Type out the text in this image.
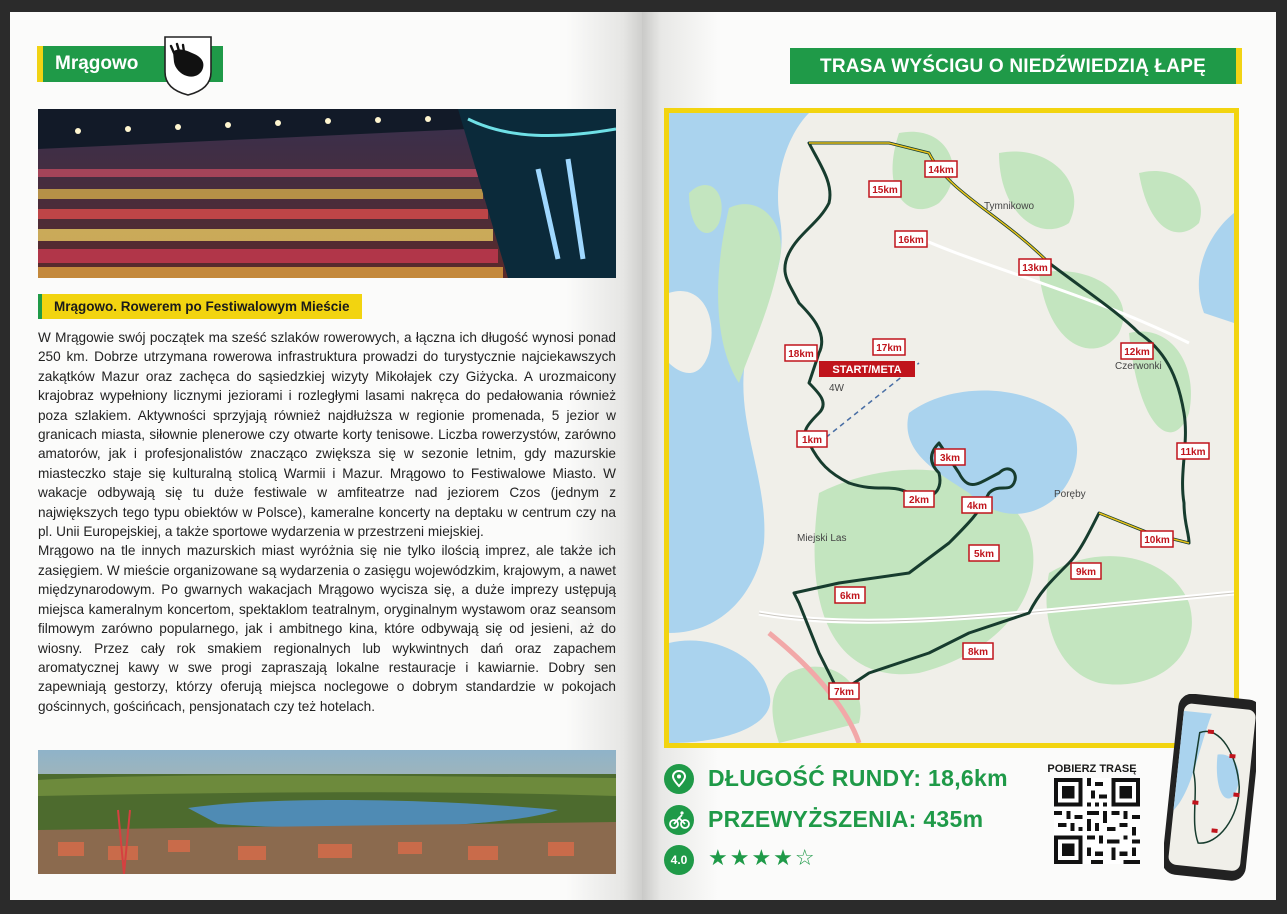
Mrągowo
Mrągowo. Rowerem po Festiwalowym Mieście

W Mrągowie swój początek ma sześć szlaków rowerowych, a łączna ich długość wynosi ponad 250 km. Dobrze utrzymana rowerowa infrastruktura prowadzi do turystycznie najciekawszych zakątków Mazur oraz zachęca do sąsiedzkiej wizyty Mikołajek czy Giżycka. A urozmaicony krajobraz wypełniony licznymi jeziorami i rozległymi lasami nakręca do pedałowania również poza szlakiem. Aktywności sprzyjają również najdłuższa w regionie promenada, 5 jezior w granicach miasta, siłownie plenerowe czy otwarte korty tenisowe. Liczba rowerzystów, zarówno amatorów, jak i profesjonalistów znacząco zwiększa się w sezonie letnim, gdy mazurskie miasteczko staje się kulturalną stolicą Warmii i Mazur. Mrągowo to Festiwalowe Miasto. W wakacje odbywają się tu duże festiwale w amfiteatrze nad jeziorem Czos (jednym z największych tego typu obiektów w Polsce), kameralne koncerty na deptaku w centrum czy na pl. Unii Europejskiej, a także sportowe wydarzenia w przestrzeni miejskiej.

Mrągowo na tle innych mazurskich miast wyróżnia się nie tylko ilością imprez, ale także ich zasięgiem. W mieście organizowane są wydarzenia o zasięgu wojewódzkim, krajowym, a nawet międzynarodowym. Po gwarnych wakacjach Mrągowo wycisza się, a duże imprezy ustępują miejsca kameralnym koncertom, spektaklom teatralnym, oryginalnym wystawom oraz seansom filmowym zarówno popularnego, jak i ambitnego kina, które odbywają się od jesieni, aż do wiosny. Przez cały rok smakiem regionalnych lub wykwintnych dań oraz zapachem aromatycznej kawy w swe progi zapraszają lokalne restauracje i kawiarnie. Dobry sen zapewniają gestorzy, którzy oferują miejsca noclegowe o dobrym standardzie w pokojach gościnnych, gościńcach, pensjonatach czy też hotelach.

TRASA WYŚCIGU O NIEDŹWIEDZIĄ ŁAPĘ
1km
2km
3km
4km
5km
6km
7km
8km
9km
10km
11km
12km
13km
14km
15km
16km
17km
18km
START/META
Tymnikowo
Czerwonki
Poręby
Miejski Las
4W
DŁUGOŚĆ RUNDY: 18,6km
PRZEWYŻSZENIA: 435m
4.0 ★★★★☆
POBIERZ TRASĘ
